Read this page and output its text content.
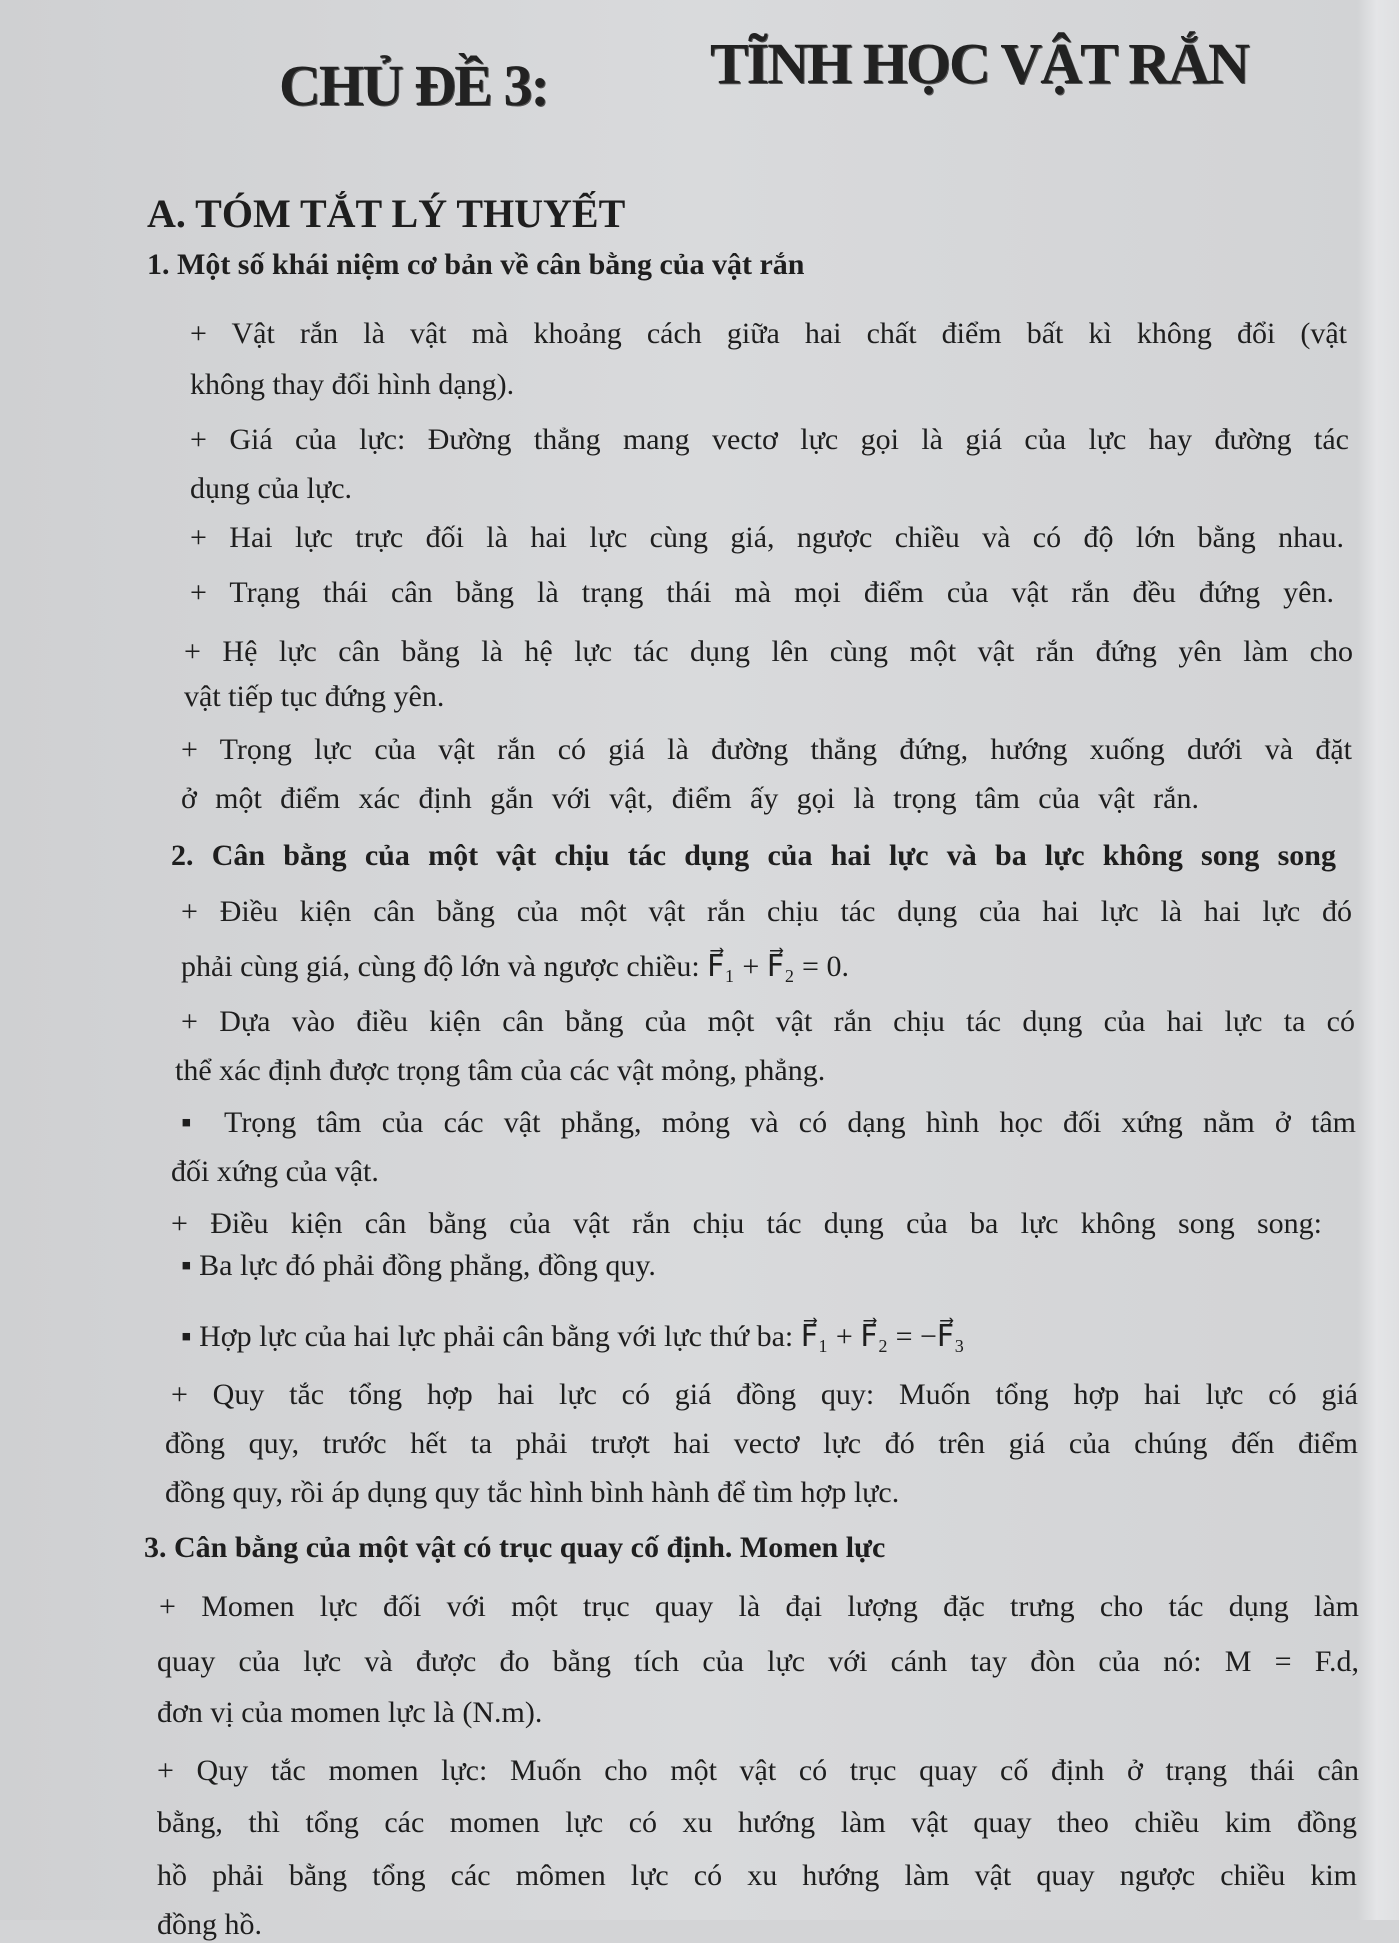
CHỦ ĐỀ 3:	TĨNH HỌC VẬT RẮN
A. TÓM TẮT LÝ THUYẾT
1. Một số khái niệm cơ bản về cân bằng của vật rắn
+ Vật rắn là vật mà khoảng cách giữa hai chất điểm bất kì không đổi (vật
không thay đổi hình dạng).
+ Giá của lực: Đường thẳng mang vectơ lực gọi là giá của lực hay đường tác
dụng của lực.
+ Hai lực trực đối là hai lực cùng giá, ngược chiều và có độ lớn bằng nhau.
+ Trạng thái cân bằng là trạng thái mà mọi điểm của vật rắn đều đứng yên.
+ Hệ lực cân bằng là hệ lực tác dụng lên cùng một vật rắn đứng yên làm cho
vật tiếp tục đứng yên.
+ Trọng lực của vật rắn có giá là đường thẳng đứng, hướng xuống dưới và đặt
ở một điểm xác định gắn với vật, điểm ấy gọi là trọng tâm của vật rắn.
2. Cân bằng của một vật chịu tác dụng của hai lực và ba lực không song song
+ Điều kiện cân bằng của một vật rắn chịu tác dụng của hai lực là hai lực đó
phải cùng giá, cùng độ lớn và ngược chiều: F⃗₁ + F⃗₂ = 0.
+ Dựa vào điều kiện cân bằng của một vật rắn chịu tác dụng của hai lực ta có
thể xác định được trọng tâm của các vật mỏng, phẳng.
▪ Trọng tâm của các vật phẳng, mỏng và có dạng hình học đối xứng nằm ở tâm
đối xứng của vật.
+ Điều kiện cân bằng của vật rắn chịu tác dụng của ba lực không song song:
▪ Ba lực đó phải đồng phẳng, đồng quy.
▪ Hợp lực của hai lực phải cân bằng với lực thứ ba: F⃗₁ + F⃗₂ = −F⃗₃
+ Quy tắc tổng hợp hai lực có giá đồng quy: Muốn tổng hợp hai lực có giá
đồng quy, trước hết ta phải trượt hai vectơ lực đó trên giá của chúng đến điểm
đồng quy, rồi áp dụng quy tắc hình bình hành để tìm hợp lực.
3. Cân bằng của một vật có trục quay cố định. Momen lực
+ Momen lực đối với một trục quay là đại lượng đặc trưng cho tác dụng làm
quay của lực và được đo bằng tích của lực với cánh tay đòn của nó: M = F.d,
đơn vị của momen lực là (N.m).
+ Quy tắc momen lực: Muốn cho một vật có trục quay cố định ở trạng thái cân
bằng, thì tổng các momen lực có xu hướng làm vật quay theo chiều kim đồng
hồ phải bằng tổng các mômen lực có xu hướng làm vật quay ngược chiều kim
đồng hồ.
